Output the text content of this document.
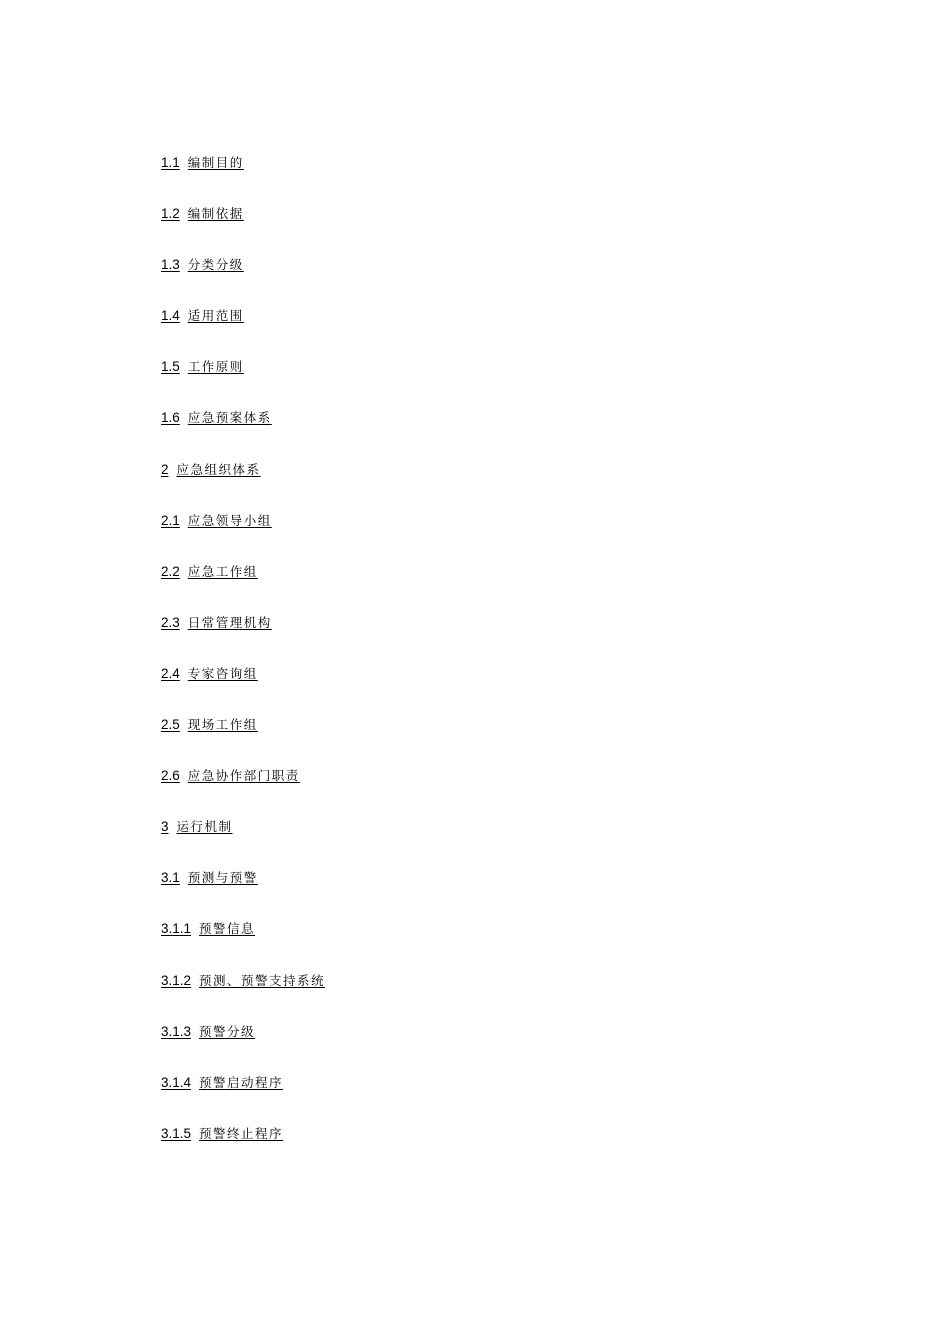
1.1 编制目的
1.2 编制依据
1.3 分类分级
1.4 适用范围
1.5 工作原则
1.6 应急预案体系
2 应急组织体系
2.1 应急领导小组
2.2 应急工作组
2.3 日常管理机构
2.4 专家咨询组
2.5 现场工作组
2.6 应急协作部门职责
3 运行机制
3.1 预测与预警
3.1.1 预警信息
3.1.2 预测、预警支持系统
3.1.3 预警分级
3.1.4 预警启动程序
3.1.5 预警终止程序
